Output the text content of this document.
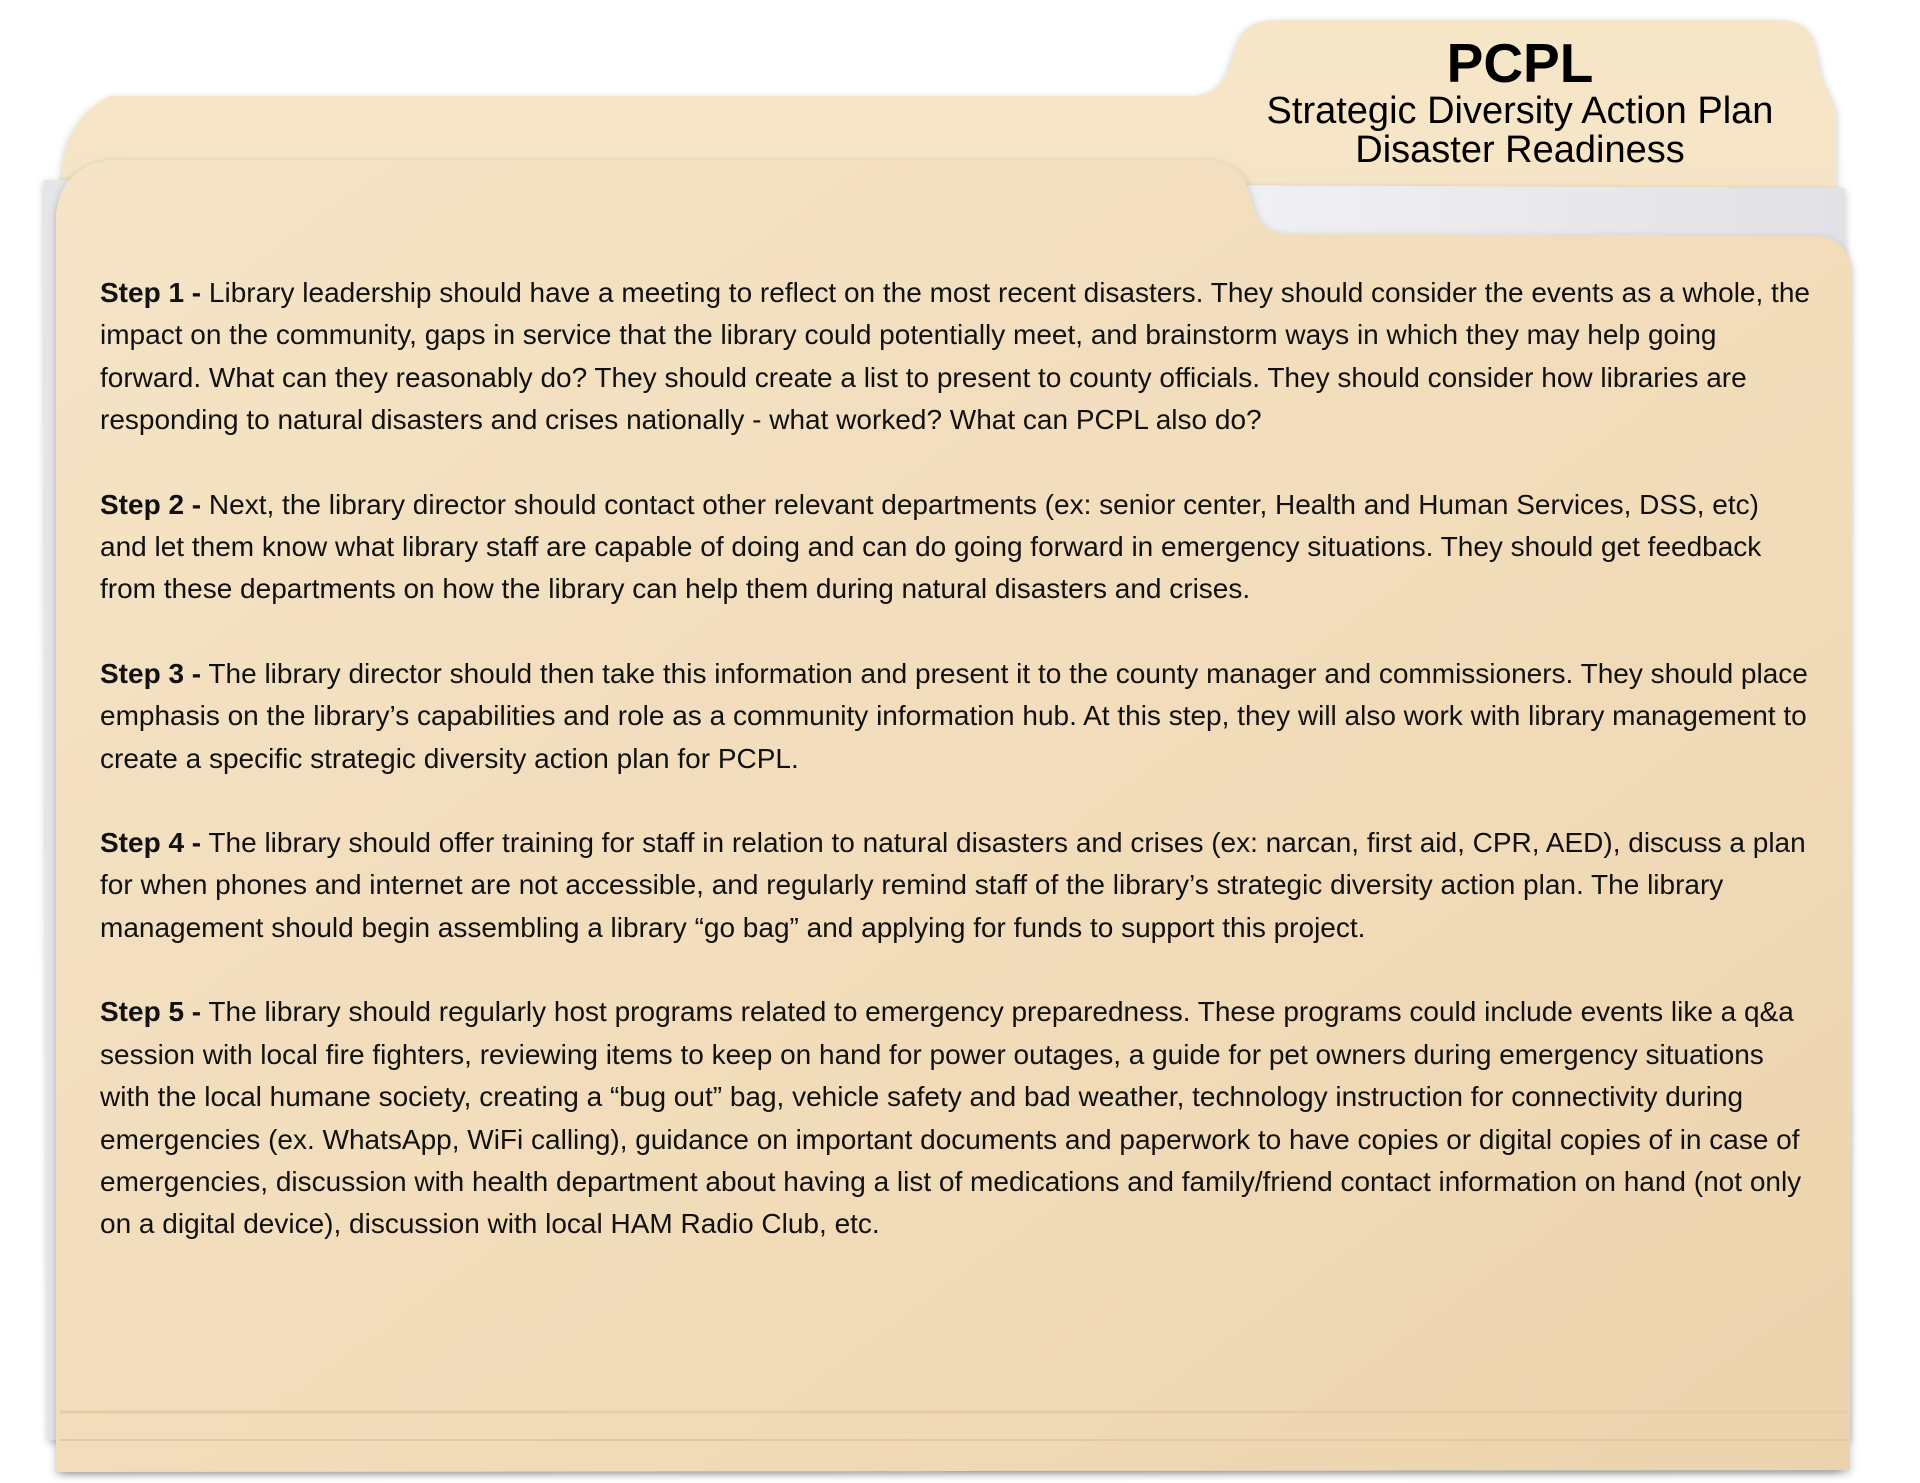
PCPL
Strategic Diversity Action Plan
Disaster Readiness

Step 1 - Library leadership should have a meeting to reflect on the most recent disasters. They should consider the events as a whole, the impact on the community, gaps in service that the library could potentially meet, and brainstorm ways in which they may help going forward. What can they reasonably do? They should create a list to present to county officials. They should consider how libraries are responding to natural disasters and crises nationally - what worked? What can PCPL also do?

Step 2 - Next, the library director should contact other relevant departments (ex: senior center, Health and Human Services, DSS, etc) and let them know what library staff are capable of doing and can do going forward in emergency situations. They should get feedback from these departments on how the library can help them during natural disasters and crises.

Step 3 - The library director should then take this information and present it to the county manager and commissioners. They should place emphasis on the library’s capabilities and role as a community information hub. At this step, they will also work with library management to create a specific strategic diversity action plan for PCPL.

Step 4 - The library should offer training for staff in relation to natural disasters and crises (ex: narcan, first aid, CPR, AED), discuss a plan for when phones and internet are not accessible, and regularly remind staff of the library’s strategic diversity action plan. The library management should begin assembling a library “go bag” and applying for funds to support this project.

Step 5 - The library should regularly host programs related to emergency preparedness. These programs could include events like a q&a session with local fire fighters, reviewing items to keep on hand for power outages, a guide for pet owners during emergency situations with the local humane society, creating a “bug out” bag, vehicle safety and bad weather, technology instruction for connectivity during emergencies (ex. WhatsApp, WiFi calling), guidance on important documents and paperwork to have copies or digital copies of in case of emergencies, discussion with health department about having a list of medications and family/friend contact information on hand (not only on a digital device), discussion with local HAM Radio Club, etc.
